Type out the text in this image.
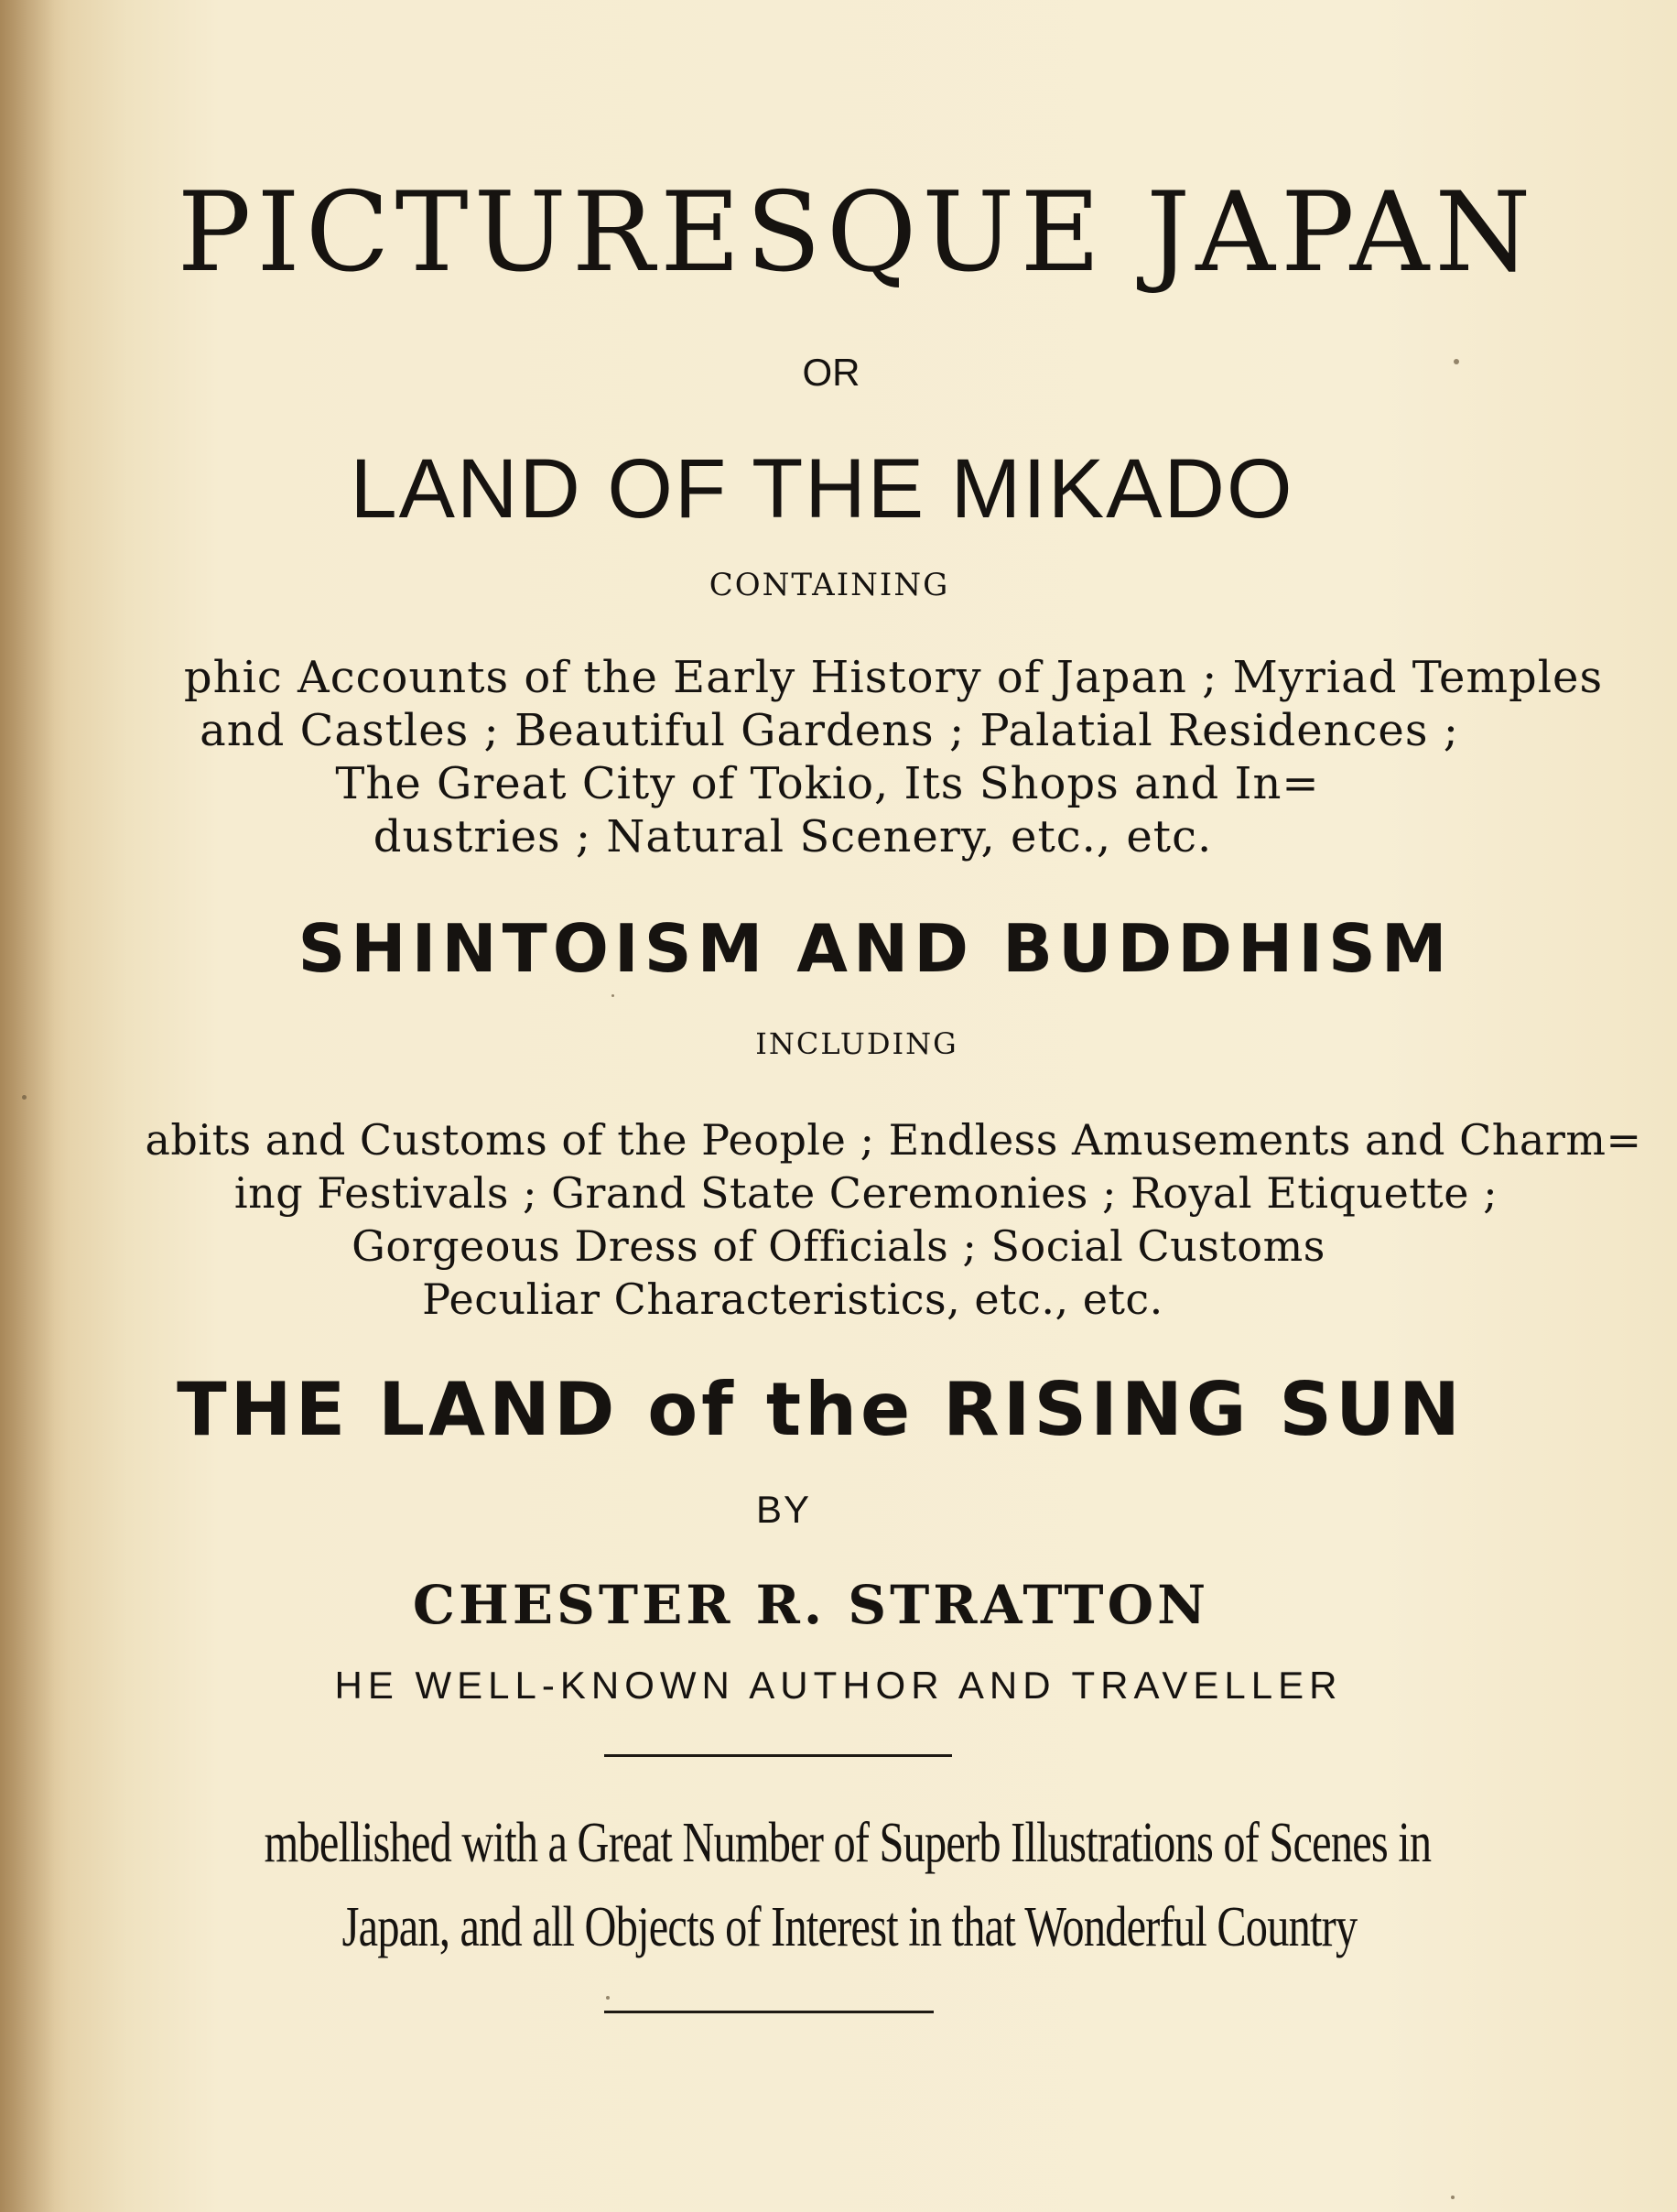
PICTURESQUE JAPAN

OR

LAND OF THE MIKADO

CONTAINING

phic Accounts of the Early History of Japan ; Myriad Temples

and Castles ; Beautiful Gardens ; Palatial Residences ;

The Great City of Tokio, Its Shops and In=

dustries ; Natural Scenery, etc., etc.

SHINTOISM AND BUDDHISM

INCLUDING

abits and Customs of the People ; Endless Amusements and Charm=

ing Festivals ; Grand State Ceremonies ; Royal Etiquette ;

Gorgeous Dress of Officials ; Social Customs

Peculiar Characteristics, etc., etc.

THE LAND of the RISING SUN

BY

CHESTER R. STRATTON

HE WELL-KNOWN AUTHOR AND TRAVELLER

mbellished with a Great Number of Superb Illustrations of Scenes in

Japan, and all Objects of Interest in that Wonderful Country
